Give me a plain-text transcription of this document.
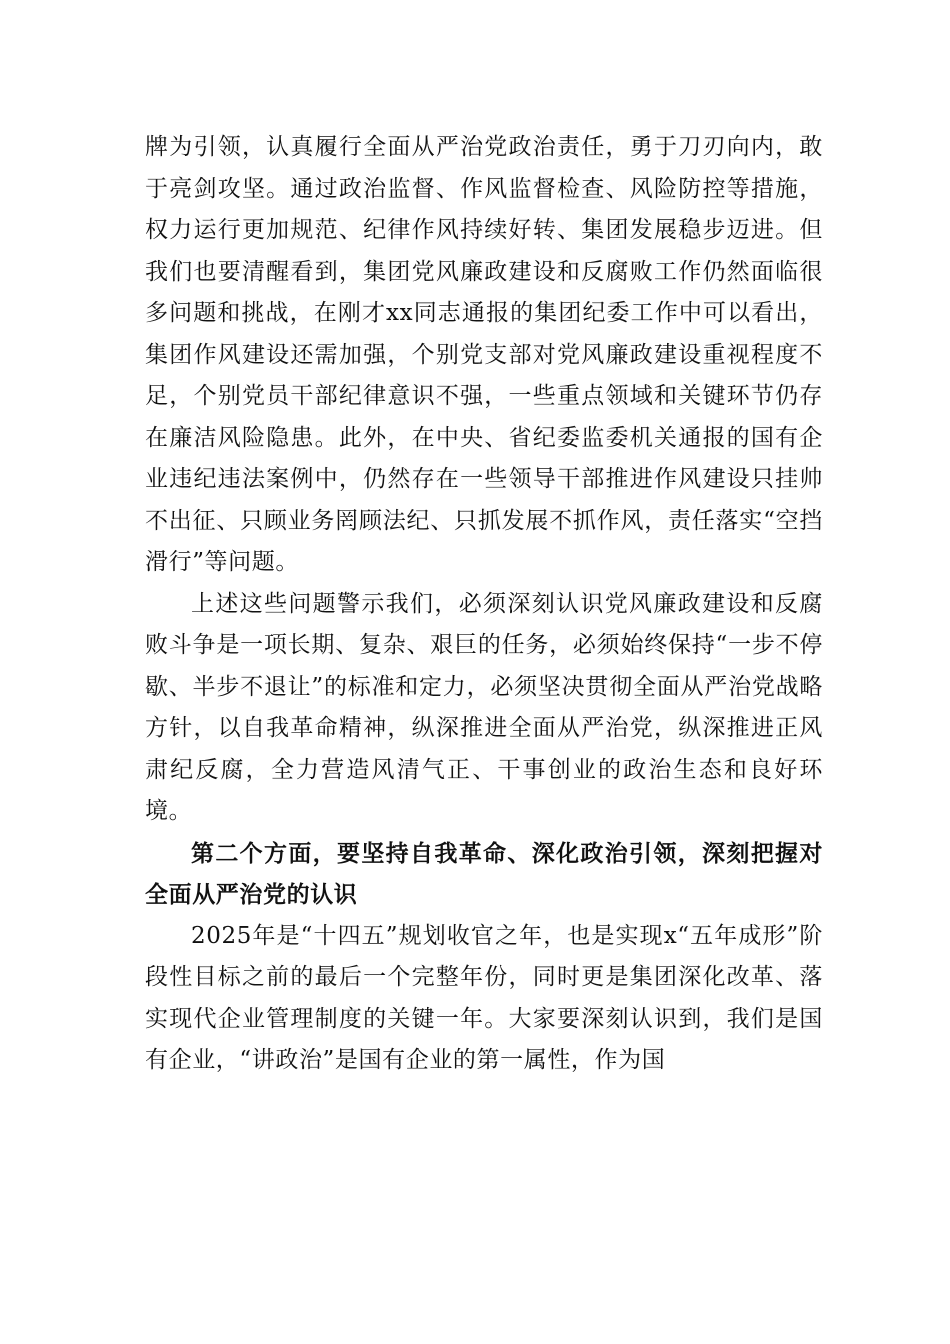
牌为引领，认真履行全面从严治党政治责任，勇于刀刃向内，敢于亮剑攻坚。通过政治监督、作风监督检查、风险防控等措施，权力运行更加规范、纪律作风持续好转、集团发展稳步迈进。但我们也要清醒看到，集团党风廉政建设和反腐败工作仍然面临很多问题和挑战，在刚才xx同志通报的集团纪委工作中可以看出，集团作风建设还需加强，个别党支部对党风廉政建设重视程度不足，个别党员干部纪律意识不强，一些重点领域和关键环节仍存在廉洁风险隐患。此外，在中央、省纪委监委机关通报的国有企业违纪违法案例中，仍然存在一些领导干部推进作风建设只挂帅不出征、只顾业务罔顾法纪、只抓发展不抓作风，责任落实“空挡滑行”等问题。

上述这些问题警示我们，必须深刻认识党风廉政建设和反腐败斗争是一项长期、复杂、艰巨的任务，必须始终保持“一步不停歇、半步不退让”的标准和定力，必须坚决贯彻全面从严治党战略方针，以自我革命精神，纵深推进全面从严治党，纵深推进正风肃纪反腐，全力营造风清气正、干事创业的政治生态和良好环境。

第二个方面，要坚持自我革命、深化政治引领，深刻把握对全面从严治党的认识

2025年是“十四五”规划收官之年，也是实现x“五年成形”阶段性目标之前的最后一个完整年份，同时更是集团深化改革、落实现代企业管理制度的关键一年。大家要深刻认识到，我们是国有企业，“讲政治”是国有企业的第一属性，作为国
